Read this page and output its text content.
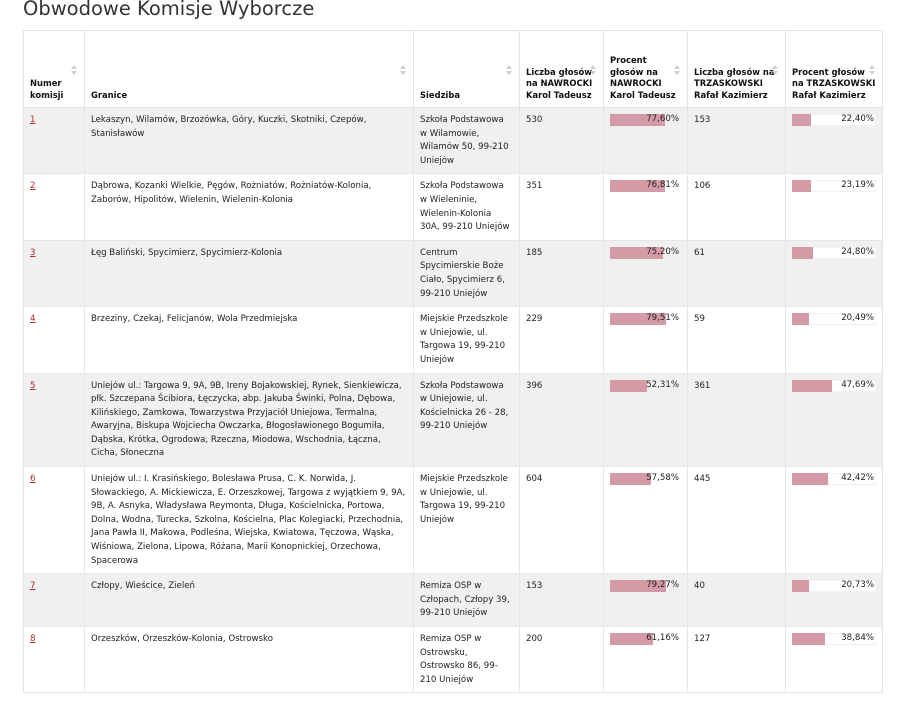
Obwodowe Komisje Wyborcze
Numer komisji	Granice	Siedziba	Liczba głosów na NAWROCKI Karol Tadeusz	Procent głosów na NAWROCKI Karol Tadeusz	Liczba głosów na TRZASKOWSKI Rafał Kazimierz	Procent głosów na TRZASKOWSKI Rafał Kazimierz

1	Lekaszyn, Wilamów, Brzozówka, Góry, Kuczki, Skotniki, Czepów, Stanisławów	Szkoła Podstawowa w Wilamowie, Wilamów 50, 99-210 Uniejów	530	77,60%	153	22,40%

2	Dąbrowa, Kozanki Wielkie, Pęgów, Rożniatów, Rożniatów-Kolonia, Zaborów, Hipolitów, Wielenin, Wielenin-Kolonia	Szkoła Podstawowa w Wieleninie, Wielenin-Kolonia 30A, 99-210 Uniejów	351	76,81%	106	23,19%

3	Łęg Baliński, Spycimierz, Spycimierz-Kolonia	Centrum Spycimierskie Boże Ciało, Spycimierz 6, 99-210 Uniejów	185	75,20%	61	24,80%

4	Brzeziny, Czekaj, Felicjanów, Wola Przedmiejska	Miejskie Przedszkole w Uniejowie, ul. Targowa 19, 99-210 Uniejów	229	79,51%	59	20,49%

5	Uniejów ul.: Targowa 9, 9A, 9B, Ireny Bojakowskiej, Rynek, Sienkiewicza, płk. Szczepana Ścibiora, Łęczycka, abp. Jakuba Świnki, Polna, Dębowa, Kilińskiego, Zamkowa, Towarzystwa Przyjaciół Uniejowa, Termalna, Awaryjna, Biskupa Wojciecha Owczarka, Błogosławionego Bogumiła, Dąbska, Krótka, Ogrodowa, Rzeczna, Miodowa, Wschodnia, Łączna, Cicha, Słoneczna	Szkoła Podstawowa w Uniejowie, ul. Kościelnicka 26 - 28, 99-210 Uniejów	396	52,31%	361	47,69%

6	Uniejów ul.: I. Krasińskiego, Bolesława Prusa, C. K. Norwida, J. Słowackiego, A. Mickiewicza, E. Orzeszkowej, Targowa z wyjątkiem 9, 9A, 9B, A. Asnyka, Władysława Reymonta, Długa, Kościelnicka, Portowa, Dolna, Wodna, Turecka, Szkolna, Kościelna, Plac Kolegiacki, Przechodnia, Jana Pawła II, Makowa, Podleśna, Wiejska, Kwiatowa, Tęczowa, Wąska, Wiśniowa, Zielona, Lipowa, Różana, Marii Konopnickiej, Orzechowa, Spacerowa	Miejskie Przedszkole w Uniejowie, ul. Targowa 19, 99-210 Uniejów	604	57,58%	445	42,42%

7	Człopy, Wieścice, Zieleń	Remiza OSP w Człopach, Człopy 39, 99-210 Uniejów	153	79,27%	40	20,73%

8	Orzeszków, Orzeszków-Kolonia, Ostrowsko	Remiza OSP w Ostrowsku, Ostrowsko 86, 99-210 Uniejów	200	61,16%	127	38,84%
